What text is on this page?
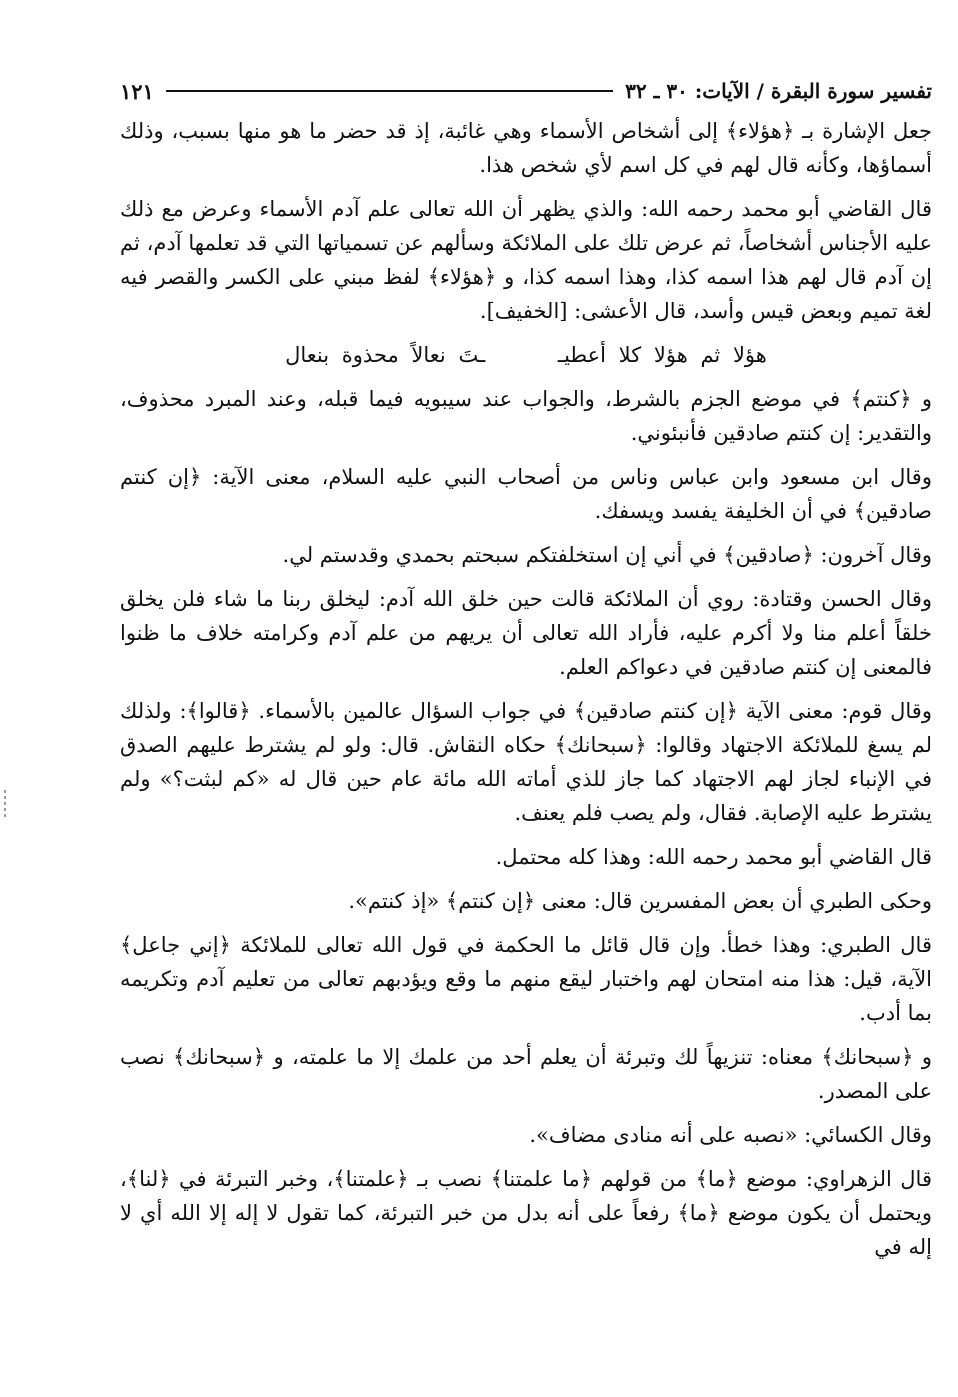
تفسير سورة البقرة / الآيات: ٣٠ ـ ٣٢
١٢١

جعل الإشارة بـ ﴿هؤلاء﴾ إلى أشخاص الأسماء وهي غائبة، إذ قد حضر ما هو منها بسبب، وذلك أسماؤها، وكأنه قال لهم في كل اسم لأي شخص هذا.

قال القاضي أبو محمد رحمه الله: والذي يظهر أن الله تعالى علم آدم الأسماء وعرض مع ذلك عليه الأجناس أشخاصاً، ثم عرض تلك على الملائكة وسألهم عن تسمياتها التي قد تعلمها آدم، ثم إن آدم قال لهم هذا اسمه كذا، وهذا اسمه كذا، و ﴿هؤلاء﴾ لفظ مبني على الكسر والقصر فيه لغة تميم وبعض قيس وأسد، قال الأعشى: [الخفيف].

هؤلا ثم هؤلا كلا أعطيـ ـتَ نعالاً محذوة بنعال

و ﴿كنتم﴾ في موضع الجزم بالشرط، والجواب عند سيبويه فيما قبله، وعند المبرد محذوف، والتقدير: إن كنتم صادقين فأنبئوني.

وقال ابن مسعود وابن عباس وناس من أصحاب النبي عليه السلام، معنى الآية: ﴿إن كنتم صادقين﴾ في أن الخليفة يفسد ويسفك.

وقال آخرون: ﴿صادقين﴾ في أني إن استخلفتكم سبحتم بحمدي وقدستم لي.

وقال الحسن وقتادة: روي أن الملائكة قالت حين خلق الله آدم: ليخلق ربنا ما شاء فلن يخلق خلقاً أعلم منا ولا أكرم عليه، فأراد الله تعالى أن يريهم من علم آدم وكرامته خلاف ما ظنوا فالمعنى إن كنتم صادقين في دعواكم العلم.

وقال قوم: معنى الآية ﴿إن كنتم صادقين﴾ في جواب السؤال عالمين بالأسماء. ﴿قالوا﴾: ولذلك لم يسغ للملائكة الاجتهاد وقالوا: ﴿سبحانك﴾ حكاه النقاش. قال: ولو لم يشترط عليهم الصدق في الإنباء لجاز لهم الاجتهاد كما جاز للذي أماته الله مائة عام حين قال له «كم لبثت؟» ولم يشترط عليه الإصابة. فقال، ولم يصب فلم يعنف.

قال القاضي أبو محمد رحمه الله: وهذا كله محتمل.

وحكى الطبري أن بعض المفسرين قال: معنى ﴿إن كنتم﴾ «إذ كنتم».

قال الطبري: وهذا خطأ. وإن قال قائل ما الحكمة في قول الله تعالى للملائكة ﴿إني جاعل﴾ الآية، قيل: هذا منه امتحان لهم واختبار ليقع منهم ما وقع ويؤدبهم تعالى من تعليم آدم وتكريمه بما أدب.

و ﴿سبحانك﴾ معناه: تنزيهاً لك وتبرئة أن يعلم أحد من علمك إلا ما علمته، و ﴿سبحانك﴾ نصب على المصدر.

وقال الكسائي: «نصبه على أنه منادى مضاف».

قال الزهراوي: موضع ﴿ما﴾ من قولهم ﴿ما علمتنا﴾ نصب بـ ﴿علمتنا﴾، وخبر التبرئة في ﴿لنا﴾، ويحتمل أن يكون موضع ﴿ما﴾ رفعاً على أنه بدل من خبر التبرئة، كما تقول لا إله إلا الله أي لا إله في
